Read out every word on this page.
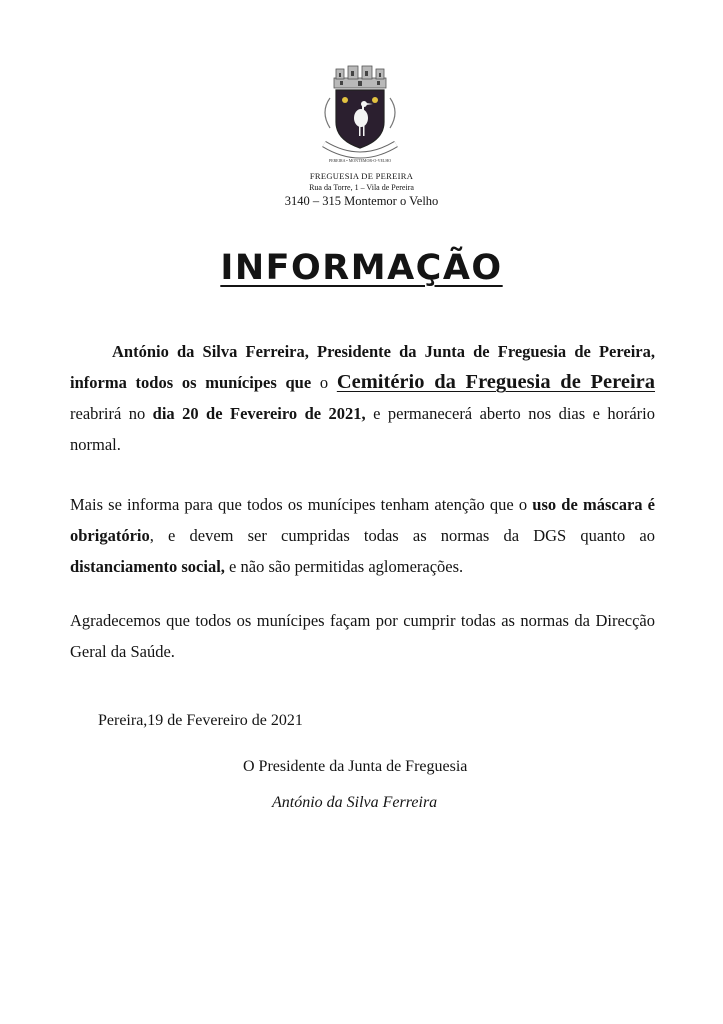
PEREIRA • MONTEMOR-O-VELHO
FREGUESIA DE PEREIRA
Rua da Torre, 1 – Vila de Pereira
3140 – 315 Montemor o Velho
INFORMAÇÃO
António da Silva Ferreira, Presidente da Junta de Freguesia de Pereira, informa todos os munícipes que o Cemitério da Freguesia de Pereira reabrirá no dia 20 de Fevereiro de 2021, e permanecerá aberto nos dias e horário normal.
Mais se informa para que todos os munícipes tenham atenção que o uso de máscara é obrigatório, e devem ser cumpridas todas as normas da DGS quanto ao distanciamento social, e não são permitidas aglomerações.
Agradecemos que todos os munícipes façam por cumprir todas as normas da Direcção Geral da Saúde.
Pereira,19 de Fevereiro de 2021
O Presidente da Junta de Freguesia
António da Silva Ferreira
